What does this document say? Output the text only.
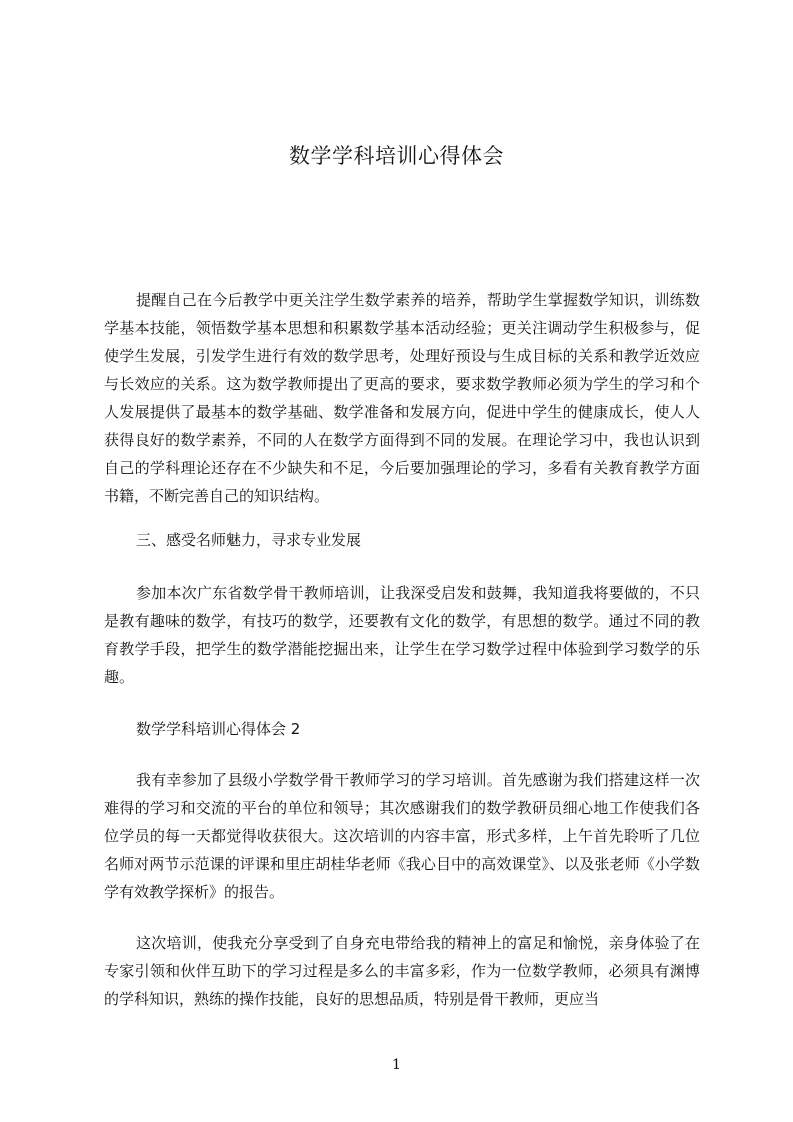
数学学科培训心得体会
提醒自己在今后教学中更关注学生数学素养的培养，帮助学生掌握数学知识，训练数学基本技能，领悟数学基本思想和积累数学基本活动经验；更关注调动学生积极参与，促使学生发展，引发学生进行有效的数学思考，处理好预设与生成目标的关系和教学近效应与长效应的关系。这为数学教师提出了更高的要求，要求数学教师必须为学生的学习和个人发展提供了最基本的数学基础、数学准备和发展方向，促进中学生的健康成长，使人人获得良好的数学素养，不同的人在数学方面得到不同的发展。在理论学习中，我也认识到自己的学科理论还存在不少缺失和不足，今后要加强理论的学习，多看有关教育教学方面书籍，不断完善自己的知识结构。
三、感受名师魅力，寻求专业发展
参加本次广东省数学骨干教师培训，让我深受启发和鼓舞，我知道我将要做的，不只是教有趣味的数学，有技巧的数学，还要教有文化的数学，有思想的数学。通过不同的教育教学手段，把学生的数学潜能挖掘出来，让学生在学习数学过程中体验到学习数学的乐趣。
数学学科培训心得体会 2
我有幸参加了县级小学数学骨干教师学习的学习培训。首先感谢为我们搭建这样一次难得的学习和交流的平台的单位和领导；其次感谢我们的数学教研员细心地工作使我们各位学员的每一天都觉得收获很大。这次培训的内容丰富，形式多样，上午首先聆听了几位名师对两节示范课的评课和里庄胡桂华老师《我心目中的高效课堂》、以及张老师《小学数学有效教学探析》的报告。
这次培训，使我充分享受到了自身充电带给我的精神上的富足和愉悦，亲身体验了在专家引领和伙伴互助下的学习过程是多么的丰富多彩，作为一位数学教师，必须具有渊博的学科知识，熟练的操作技能，良好的思想品质，特别是骨干教师，更应当
1
